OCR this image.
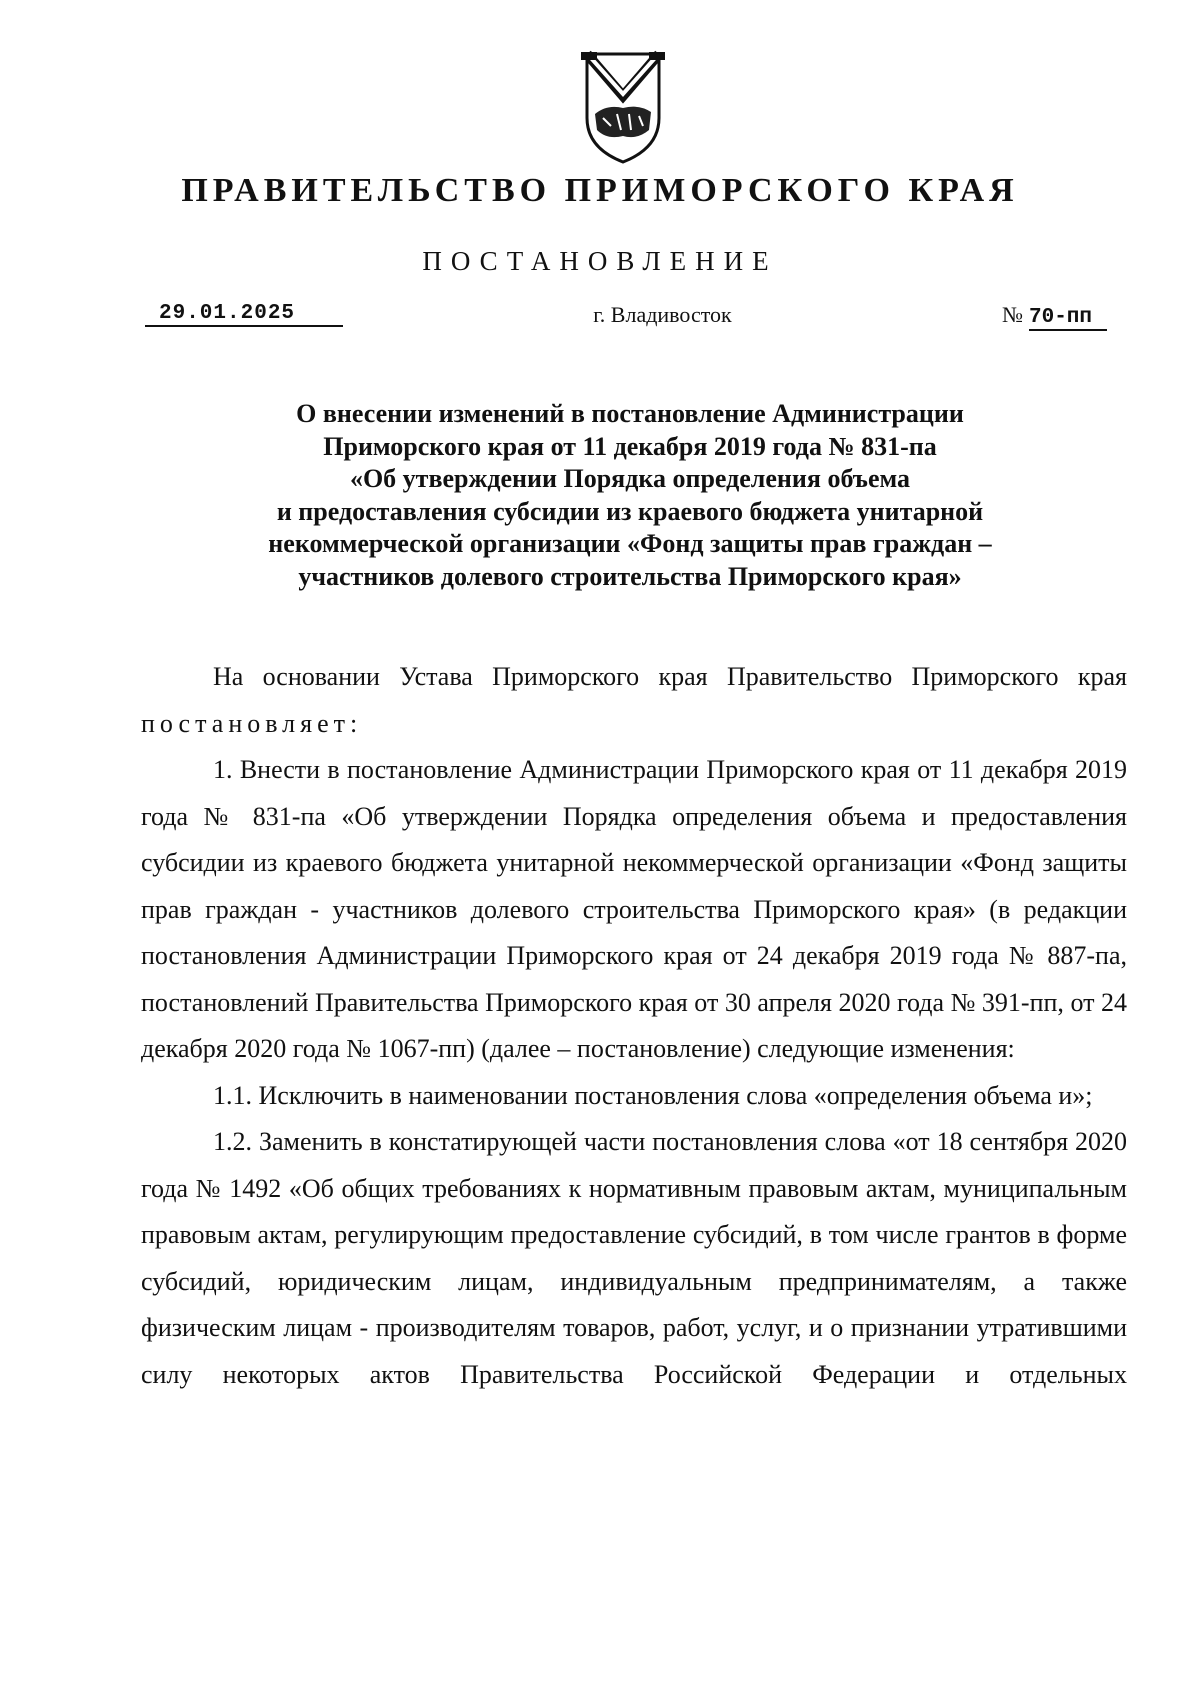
ПРАВИТЕЛЬСТВО ПРИМОРСКОГО КРАЯ
ПОСТАНОВЛЕНИЕ
29.01.2025	г. Владивосток	№ 70-пп
О внесении изменений в постановление Администрации
Приморского края от 11 декабря 2019 года № 831-па
«Об утверждении Порядка определения объема
и предоставления субсидии из краевого бюджета унитарной
некоммерческой организации «Фонд защиты прав граждан –
участников долевого строительства Приморского края»

На основании Устава Приморского края Правительство Приморского края постановляет:

1. Внести в постановление Администрации Приморского края от 11 декабря 2019 года № 831-па «Об утверждении Порядка определения объема и предоставления субсидии из краевого бюджета унитарной некоммерческой организации «Фонд защиты прав граждан - участников долевого строительства Приморского края» (в редакции постановления Администрации Приморского края от 24 декабря 2019 года № 887-па, постановлений Правительства Приморского края от 30 апреля 2020 года № 391-пп, от 24 декабря 2020 года № 1067-пп) (далее – постановление) следующие изменения:

1.1. Исключить в наименовании постановления слова «определения объема и»;

1.2. Заменить в констатирующей части постановления слова «от 18 сентября 2020 года № 1492 «Об общих требованиях к нормативным правовым актам, муниципальным правовым актам, регулирующим предоставление субсидий, в том числе грантов в форме субсидий, юридическим лицам, индивидуальным предпринимателям, а также физическим лицам - производителям товаров, работ, услуг, и о признании утратившими силу некоторых актов Правительства Российской Федерации и отдельных
